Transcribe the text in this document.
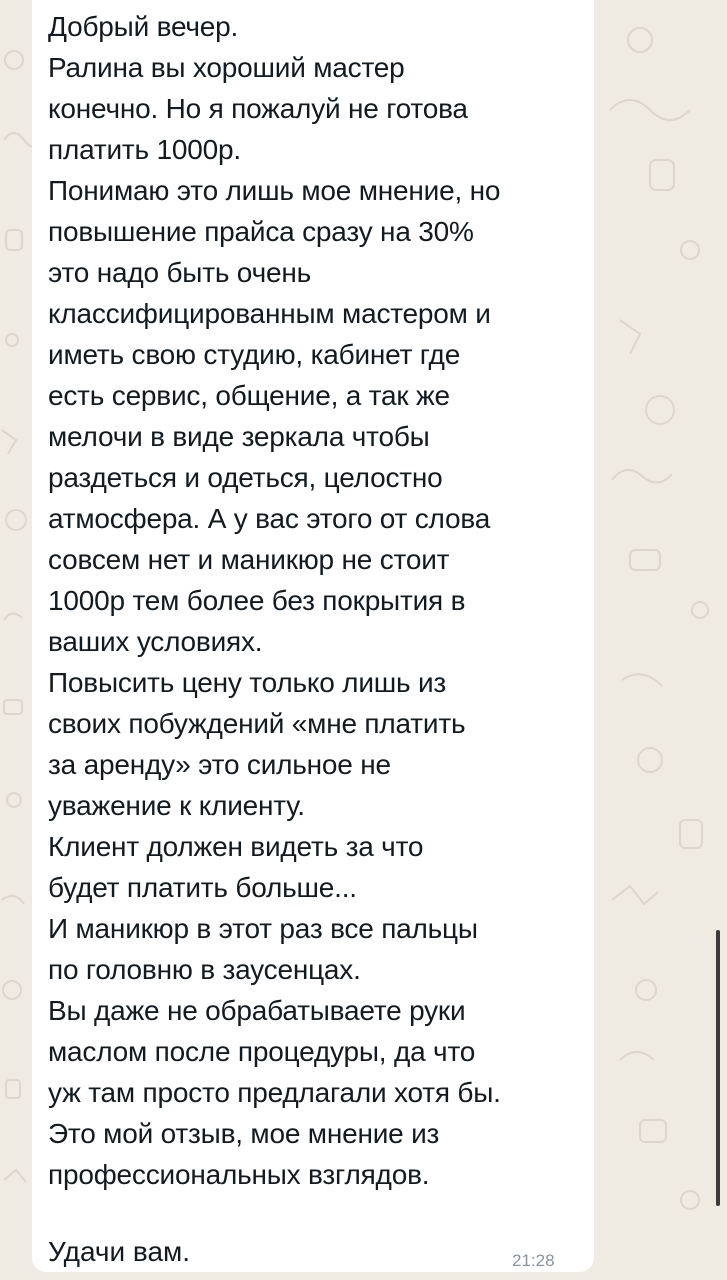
Добрый вечер.
Ралина вы хороший мастер
конечно. Но я пожалуй не готова
платить 1000р.
Понимаю это лишь мое мнение, но
повышение прайса сразу на 30%
это надо быть очень
классифицированным мастером и
иметь свою студию, кабинет где
есть сервис, общение, а так же
мелочи в виде зеркала чтобы
раздеться и одеться, целостно
атмосфера. А у вас этого от слова
совсем нет и маникюр не стоит
1000р тем более без покрытия в
ваших условиях.
Повысить цену только лишь из
своих побуждений «мне платить
за аренду» это сильное не
уважение к клиенту.
Клиент должен видеть за что
будет платить больше...
И маникюр в этот раз все пальцы
по головню в заусенцах.
Вы даже не обрабатываете руки
маслом после процедуры, да что
уж там просто предлагали хотя бы.
Это мой отзыв, мое мнение из
профессиональных взглядов.
Удачи вам.	21:28
